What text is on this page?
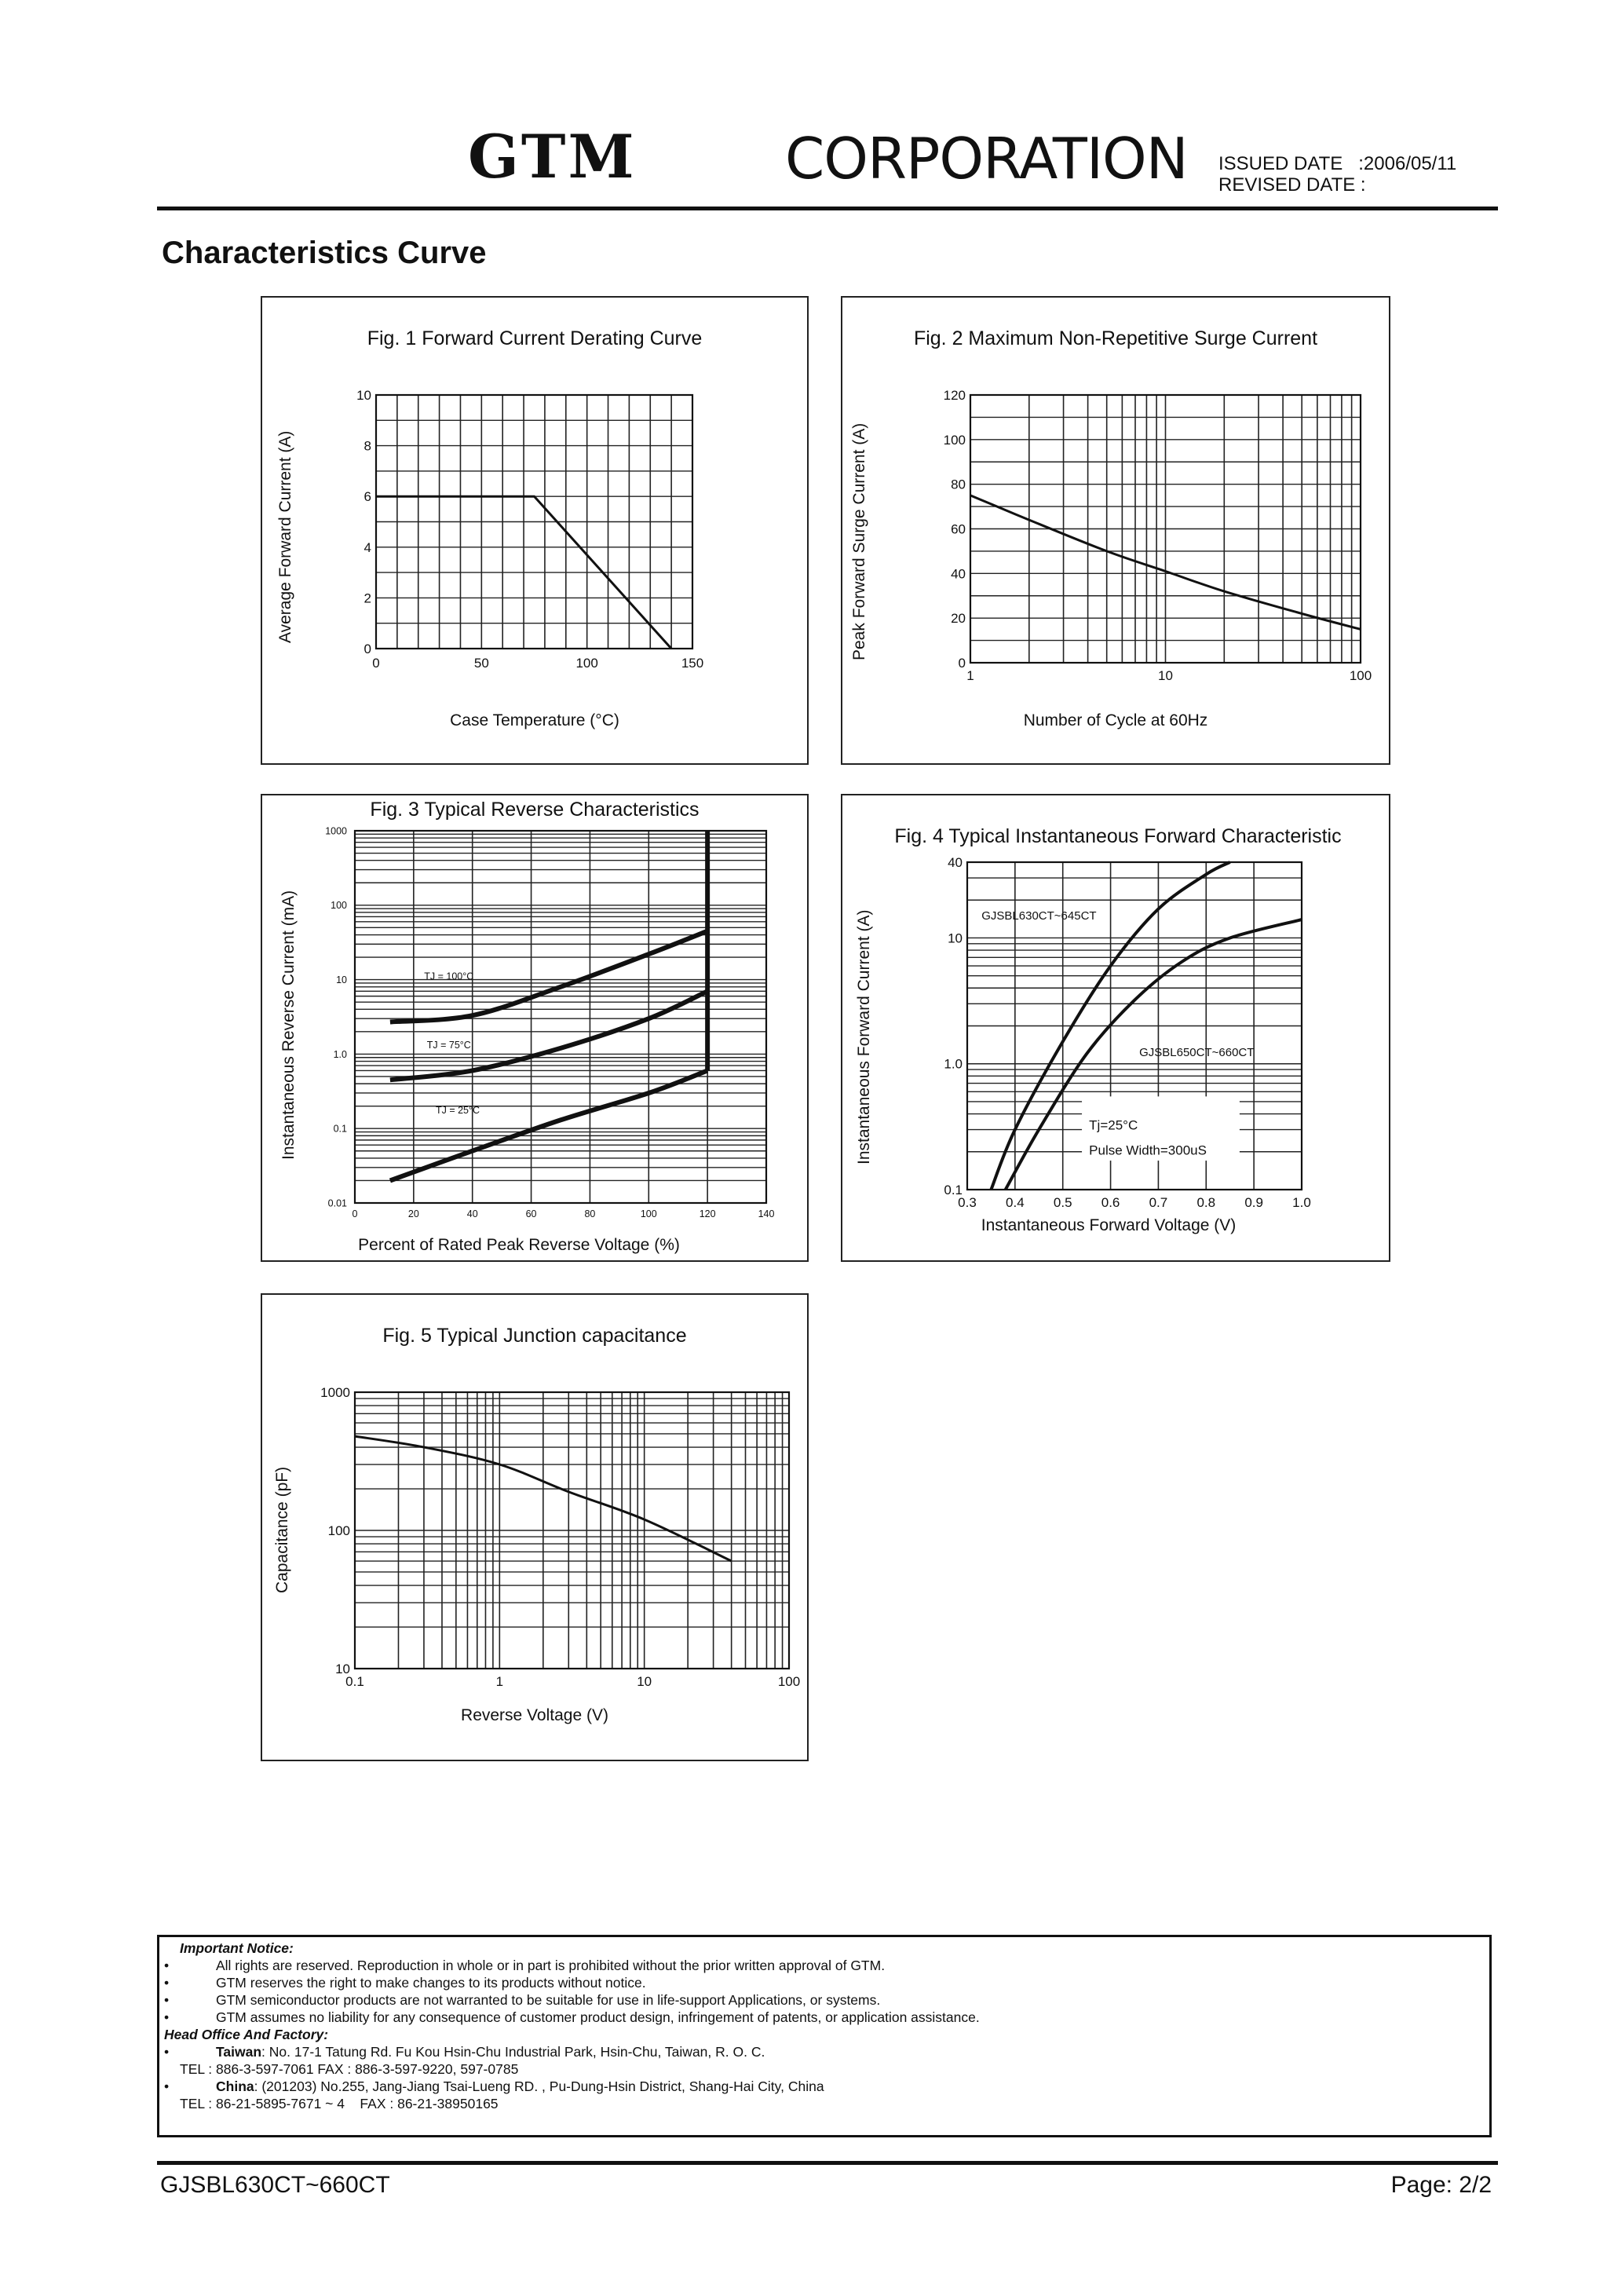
GTM	CORPORATION ISSUED DATE   :2006/05/11
REVISED DATE :
Characteristics Curve
Fig. 1 Forward Current Derating Curve
0	50	100	150
0
2
4
6
8
10
Case Temperature (°C)
Average Forward Current (A)
Fig. 2 Maximum Non-Repetitive Surge Current
1	10	100
0
20
40
60
80
100
120
Number of Cycle at 60Hz
Peak Forward Surge Current (A)
Fig. 3 Typical Reverse Characteristics
0	20	40	60	80	100	120	140
0.01
0.1
1.0
10
100
1000
TJ = 100°C
TJ = 75°C
TJ = 25°C
Percent of Rated Peak Reverse Voltage (%)
Instantaneous Reverse Current (mA)
Fig. 4 Typical Instantaneous Forward Characteristic
0.3 0.4 0.5 0.6 0.7 0.8 0.9 1.0
0.1
1.0
10
40
GJSBL630CT~645CT
GJSBL650CT~660CT
Tj=25°C
Pulse Width=300uS
Instantaneous Forward Voltage (V)
Instantaneous Forward Current (A)
Fig. 5 Typical Junction capacitance
0.1	1	10	100
10
100
1000
Reverse Voltage (V)
Capacitance (pF)
Important Notice:
•	All rights are reserved. Reproduction in whole or in part is prohibited without the prior written approval of GTM.
•	GTM reserves the right to make changes to its products without notice.
•	GTM semiconductor products are not warranted to be suitable for use in life-support Applications, or systems.
•	GTM assumes no liability for any consequence of customer product design, infringement of patents, or application assistance.
Head Office And Factory:
•	Taiwan: No. 17-1 Tatung Rd. Fu Kou Hsin-Chu Industrial Park, Hsin-Chu, Taiwan, R. O. C.
TEL : 886-3-597-7061 FAX : 886-3-597-9220, 597-0785
•	China: (201203) No.255, Jang-Jiang Tsai-Lueng RD. , Pu-Dung-Hsin District, Shang-Hai City, China
TEL : 86-21-5895-7671 ~ 4    FAX : 86-21-38950165
GJSBL630CT~660CT	Page: 2/2
